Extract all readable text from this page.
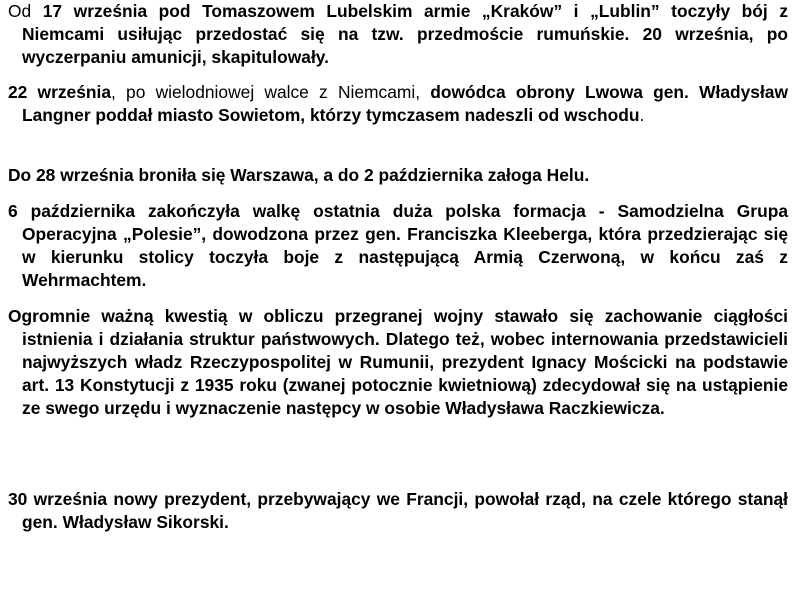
Od 17 września pod Tomaszowem Lubelskim armie „Kraków” i „Lublin” toczyły bój z Niemcami usiłując przedostać się na tzw. przedmoście rumuńskie. 20 września, po wyczerpaniu amunicji, skapitulowały.

22 września, po wielodniowej walce z Niemcami, dowódca obrony Lwowa gen. Władysław Langner poddał miasto Sowietom, którzy tymczasem nadeszli od wschodu.

Do 28 września broniła się Warszawa, a do 2 października załoga Helu.

6 października zakończyła walkę ostatnia duża polska formacja - Samodzielna Grupa Operacyjna „Polesie”, dowodzona przez gen. Franciszka Kleeberga, która przedzierając się w kierunku stolicy toczyła boje z następującą Armią Czerwoną, w końcu zaś z Wehrmachtem.

Ogromnie ważną kwestią w obliczu przegranej wojny stawało się zachowanie ciągłości istnienia i działania struktur państwowych. Dlatego też, wobec internowania przedstawicieli najwyższych władz Rzeczypospolitej w Rumunii, prezydent Ignacy Mościcki na podstawie art. 13 Konstytucji z 1935 roku (zwanej potocznie kwietniową) zdecydował się na ustąpienie ze swego urzędu i wyznaczenie następcy w osobie Władysława Raczkiewicza.

30 września nowy prezydent, przebywający we Francji, powołał rząd, na czele którego stanął gen. Władysław Sikorski.
